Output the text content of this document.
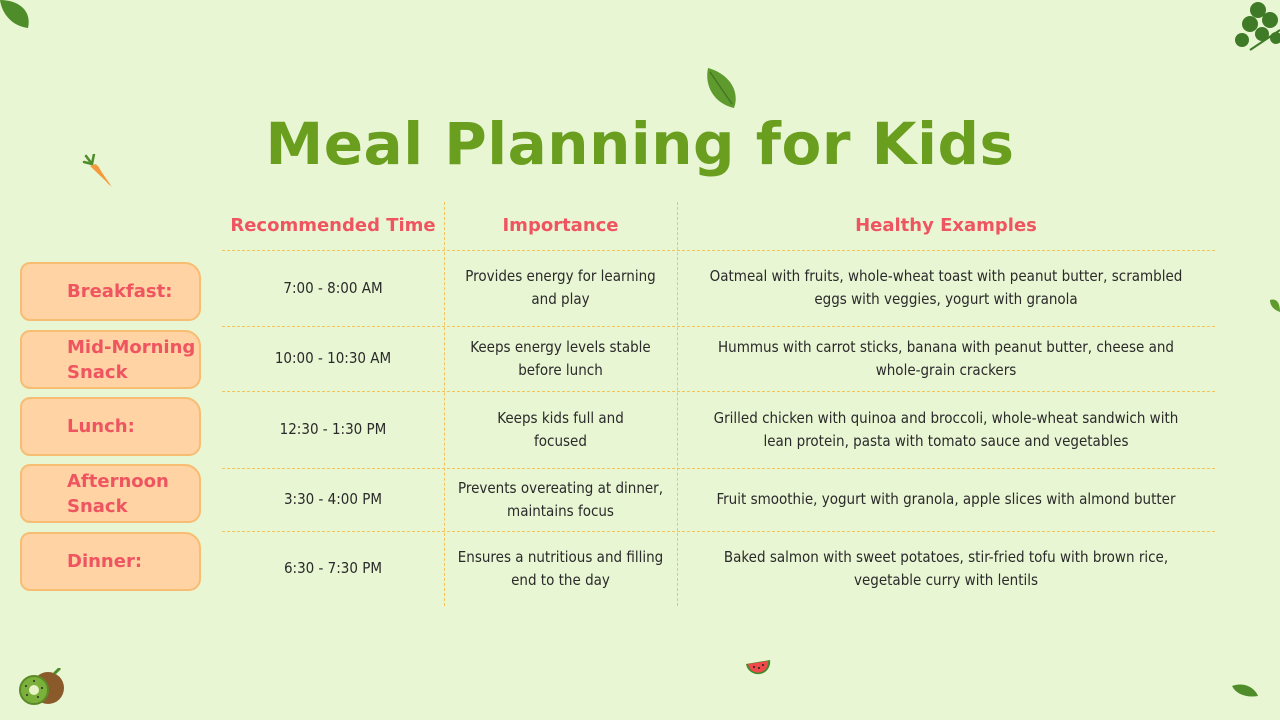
Meal Planning for Kids
Recommended Time	Importance	Healthy Examples
7:00 - 8:00 AM
Provides energy for learning and play
Oatmeal with fruits, whole-wheat toast with peanut butter, scrambled eggs with veggies, yogurt with granola
10:00 - 10:30 AM
Keeps energy levels stable before lunch
Hummus with carrot sticks, banana with peanut butter, cheese and whole-grain crackers
12:30 - 1:30 PM
Keeps kids full and focused
Grilled chicken with quinoa and broccoli, whole-wheat sandwich with lean protein, pasta with tomato sauce and vegetables
3:30 - 4:00 PM
Prevents overeating at dinner, maintains focus
Fruit smoothie, yogurt with granola, apple slices with almond butter
6:30 - 7:30 PM
Ensures a nutritious and filling end to the day
Baked salmon with sweet potatoes, stir-fried tofu with brown rice, vegetable curry with lentils
Breakfast:
Mid-Morning Snack
Lunch:
Afternoon Snack
Dinner:
